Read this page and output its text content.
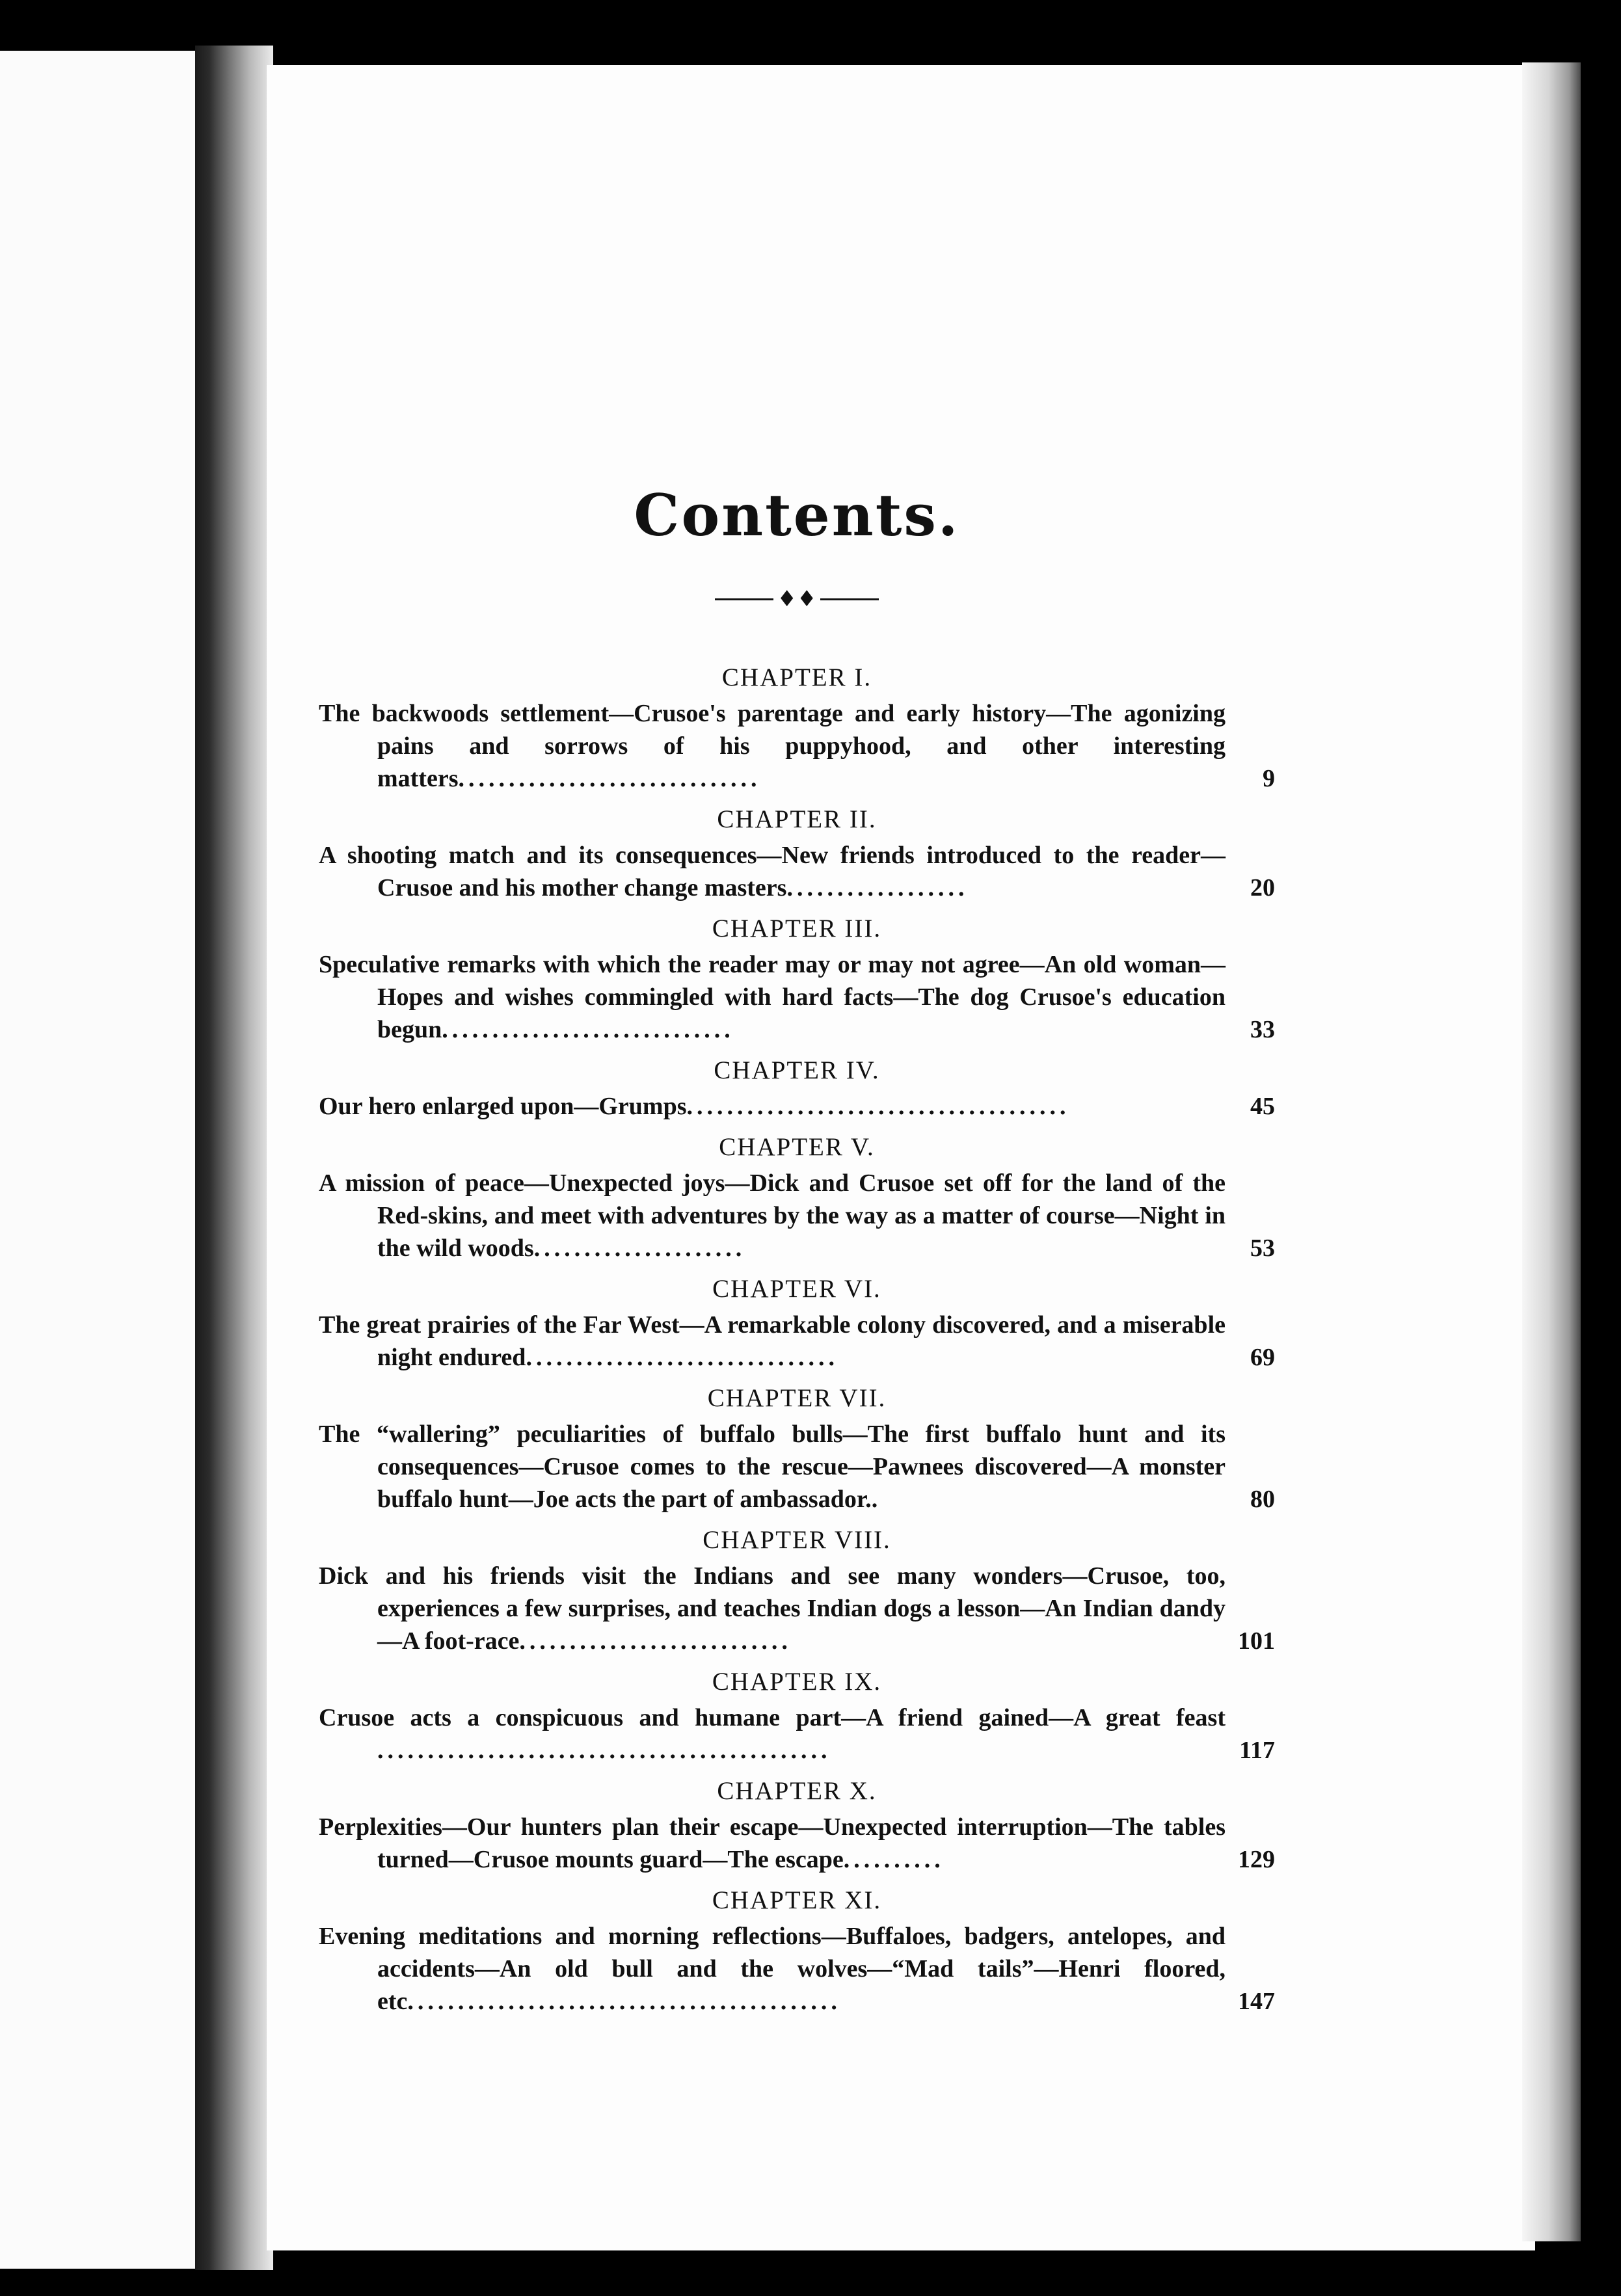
Contents.
♦♦
CHAPTER I.
The backwoods settlement—Crusoe's parentage and early history—The agonizing pains and sorrows of his puppyhood, and other interesting matters..............................	9
CHAPTER II.
A shooting match and its consequences—New friends introduced to the reader—Crusoe and his mother change masters..................	20
CHAPTER III.
Speculative remarks with which the reader may or may not agree—An old woman—Hopes and wishes commingled with hard facts—The dog Crusoe's education begun.............................	33
CHAPTER IV.
Our hero enlarged upon—Grumps......................................	45
CHAPTER V.
A mission of peace—Unexpected joys—Dick and Crusoe set off for the land of the Red-skins, and meet with adventures by the way as a matter of course—Night in the wild woods.....................	53
CHAPTER VI.
The great prairies of the Far West—A remarkable colony discovered, and a miserable night endured...............................	69
CHAPTER VII.
The “wallering” peculiarities of buffalo bulls—The first buffalo hunt and its consequences—Crusoe comes to the rescue—Pawnees discovered—A monster buffalo hunt—Joe acts the part of ambassador..	80
CHAPTER VIII.
Dick and his friends visit the Indians and see many wonders—Crusoe, too, experiences a few surprises, and teaches Indian dogs a lesson—An Indian dandy—A foot-race...........................	101
CHAPTER IX.
Crusoe acts a conspicuous and humane part—A friend gained—A great feast .............................................	117
CHAPTER X.
Perplexities—Our hunters plan their escape—Unexpected interruption—The tables turned—Crusoe mounts guard—The escape..........	129
CHAPTER XI.
Evening meditations and morning reflections—Buffaloes, badgers, antelopes, and accidents—An old bull and the wolves—“Mad tails”—Henri floored, etc...........................................	147
